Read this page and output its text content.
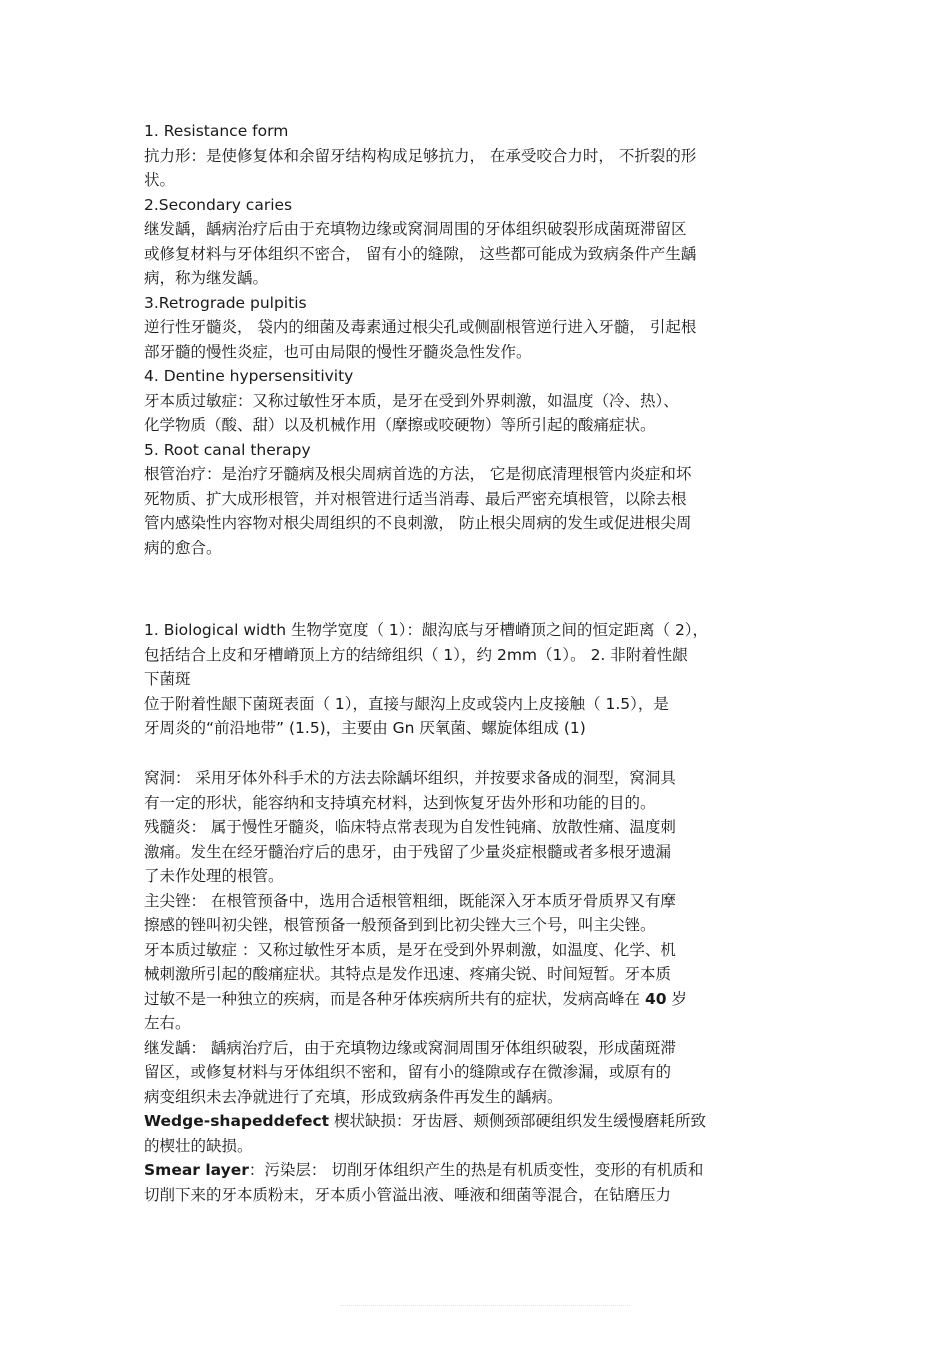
1. Resistance form
抗力形：是使修复体和余留牙结构构成足够抗力， 在承受咬合力时， 不折裂的形
状。
2.Secondary caries
继发龋，龋病治疗后由于充填物边缘或窝洞周围的牙体组织破裂形成菌斑滞留区
或修复材料与牙体组织不密合， 留有小的缝隙， 这些都可能成为致病条件产生龋
病，称为继发龋。
3.Retrograde pulpitis
逆行性牙髓炎， 袋内的细菌及毒素通过根尖孔或侧副根管逆行进入牙髓， 引起根
部牙髓的慢性炎症，也可由局限的慢性牙髓炎急性发作。
4. Dentine hypersensitivity
牙本质过敏症：又称过敏性牙本质，是牙在受到外界刺激，如温度（冷、热）、
化学物质（酸、甜）以及机械作用（摩擦或咬硬物）等所引起的酸痛症状。
5. Root canal therapy
根管治疗：是治疗牙髓病及根尖周病首选的方法， 它是彻底清理根管内炎症和坏
死物质、扩大成形根管，并对根管进行适当消毒、最后严密充填根管，以除去根
管内感染性内容物对根尖周组织的不良刺激， 防止根尖周病的发生或促进根尖周
病的愈合。
1. Biological width 生物学宽度（ 1）：龈沟底与牙槽嵴顶之间的恒定距离（ 2），
包括结合上皮和牙槽嵴顶上方的结缔组织（ 1），约 2mm（1）。 2. 非附着性龈
下菌斑
位于附着性龈下菌斑表面（ 1），直接与龈沟上皮或袋内上皮接触（ 1.5），是
牙周炎的“前沿地带” (1.5)，主要由 Gn 厌氧菌、螺旋体组成 (1)
窝洞： 采用牙体外科手术的方法去除龋坏组织，并按要求备成的洞型，窝洞具
有一定的形状，能容纳和支持填充材料，达到恢复牙齿外形和功能的目的。
残髓炎： 属于慢性牙髓炎，临床特点常表现为自发性钝痛、放散性痛、温度刺
激痛。发生在经牙髓治疗后的患牙，由于残留了少量炎症根髓或者多根牙遗漏
了未作处理的根管。
主尖锉： 在根管预备中，选用合适根管粗细，既能深入牙本质牙骨质界又有摩
擦感的锉叫初尖锉，根管预备一般预备到到比初尖锉大三个号，叫主尖锉。
牙本质过敏症 ：又称过敏性牙本质，是牙在受到外界刺激，如温度、化学、机
械刺激所引起的酸痛症状。其特点是发作迅速、疼痛尖锐、时间短暂。牙本质
过敏不是一种独立的疾病，而是各种牙体疾病所共有的症状，发病高峰在 40 岁
左右。
继发龋： 龋病治疗后，由于充填物边缘或窝洞周围牙体组织破裂，形成菌斑滞
留区，或修复材料与牙体组织不密和，留有小的缝隙或存在微渗漏，或原有的
病变组织未去净就进行了充填，形成致病条件再发生的龋病。
Wedge-shapeddefect 楔状缺损：牙齿唇、颊侧颈部硬组织发生缓慢磨耗所致
的楔壮的缺损。
Smear layer：污染层： 切削牙体组织产生的热是有机质变性，变形的有机质和
切削下来的牙本质粉末，牙本质小管溢出液、唾液和细菌等混合，在钻磨压力
